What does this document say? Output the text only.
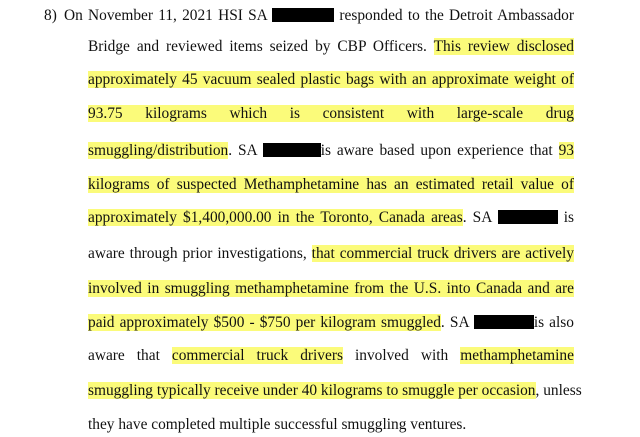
8) On November 11, 2021 HSI SA	responded to the Detroit Ambassador
Bridge and reviewed items seized by CBP Officers. This review disclosed
approximately 45 vacuum sealed plastic bags with an approximate weight of
93.75 kilograms which is consistent with large-scale drug
smuggling/distribution. SA	is aware based upon experience that 93
kilograms of suspected Methamphetamine has an estimated retail value of
approximately $1,400,000.00 in the Toronto, Canada areas. SA	is
aware through prior investigations, that commercial truck drivers are actively
involved in smuggling methamphetamine from the U.S. into Canada and are
paid approximately $500 - $750 per kilogram smuggled. SA	is also
aware that commercial truck drivers involved with methamphetamine
smuggling typically receive under 40 kilograms to smuggle per occasion, unless
they have completed multiple successful smuggling ventures.
